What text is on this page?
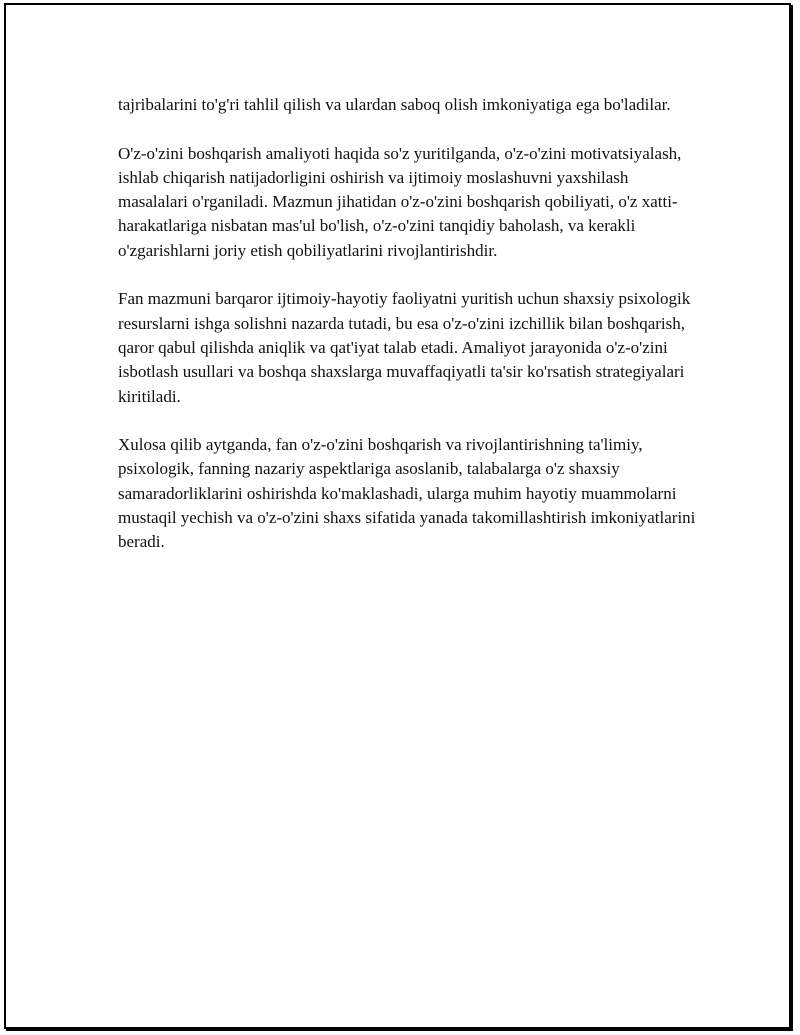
tajribalarini to'g'ri tahlil qilish va ulardan saboq olish imkoniyatiga ega bo'ladilar.

O'z-o'zini boshqarish amaliyoti haqida so'z yuritilganda, o'z-o'zini motivatsiyalash, ishlab chiqarish natijadorligini oshirish va ijtimoiy moslashuvni yaxshilash masalalari o'rganiladi. Mazmun jihatidan o'z-o'zini boshqarish qobiliyati, o'z xatti-harakatlariga nisbatan mas'ul bo'lish, o'z-o'zini tanqidiy baholash, va kerakli o'zgarishlarni joriy etish qobiliyatlarini rivojlantirishdir.

Fan mazmuni barqaror ijtimoiy-hayotiy faoliyatni yuritish uchun shaxsiy psixologik resurslarni ishga solishni nazarda tutadi, bu esa o'z-o'zini izchillik bilan boshqarish, qaror qabul qilishda aniqlik va qat'iyat talab etadi. Amaliyot jarayonida o'z-o'zini isbotlash usullari va boshqa shaxslarga muvaffaqiyatli ta'sir ko'rsatish strategiyalari kiritiladi.

Xulosa qilib aytganda, fan o'z-o'zini boshqarish va rivojlantirishning ta'limiy, psixologik, fanning nazariy aspektlariga asoslanib, talabalarga o'z shaxsiy samaradorliklarini oshirishda ko'maklashadi, ularga muhim hayotiy muammolarni mustaqil yechish va o'z-o'zini shaxs sifatida yanada takomillashtirish imkoniyatlarini beradi.
